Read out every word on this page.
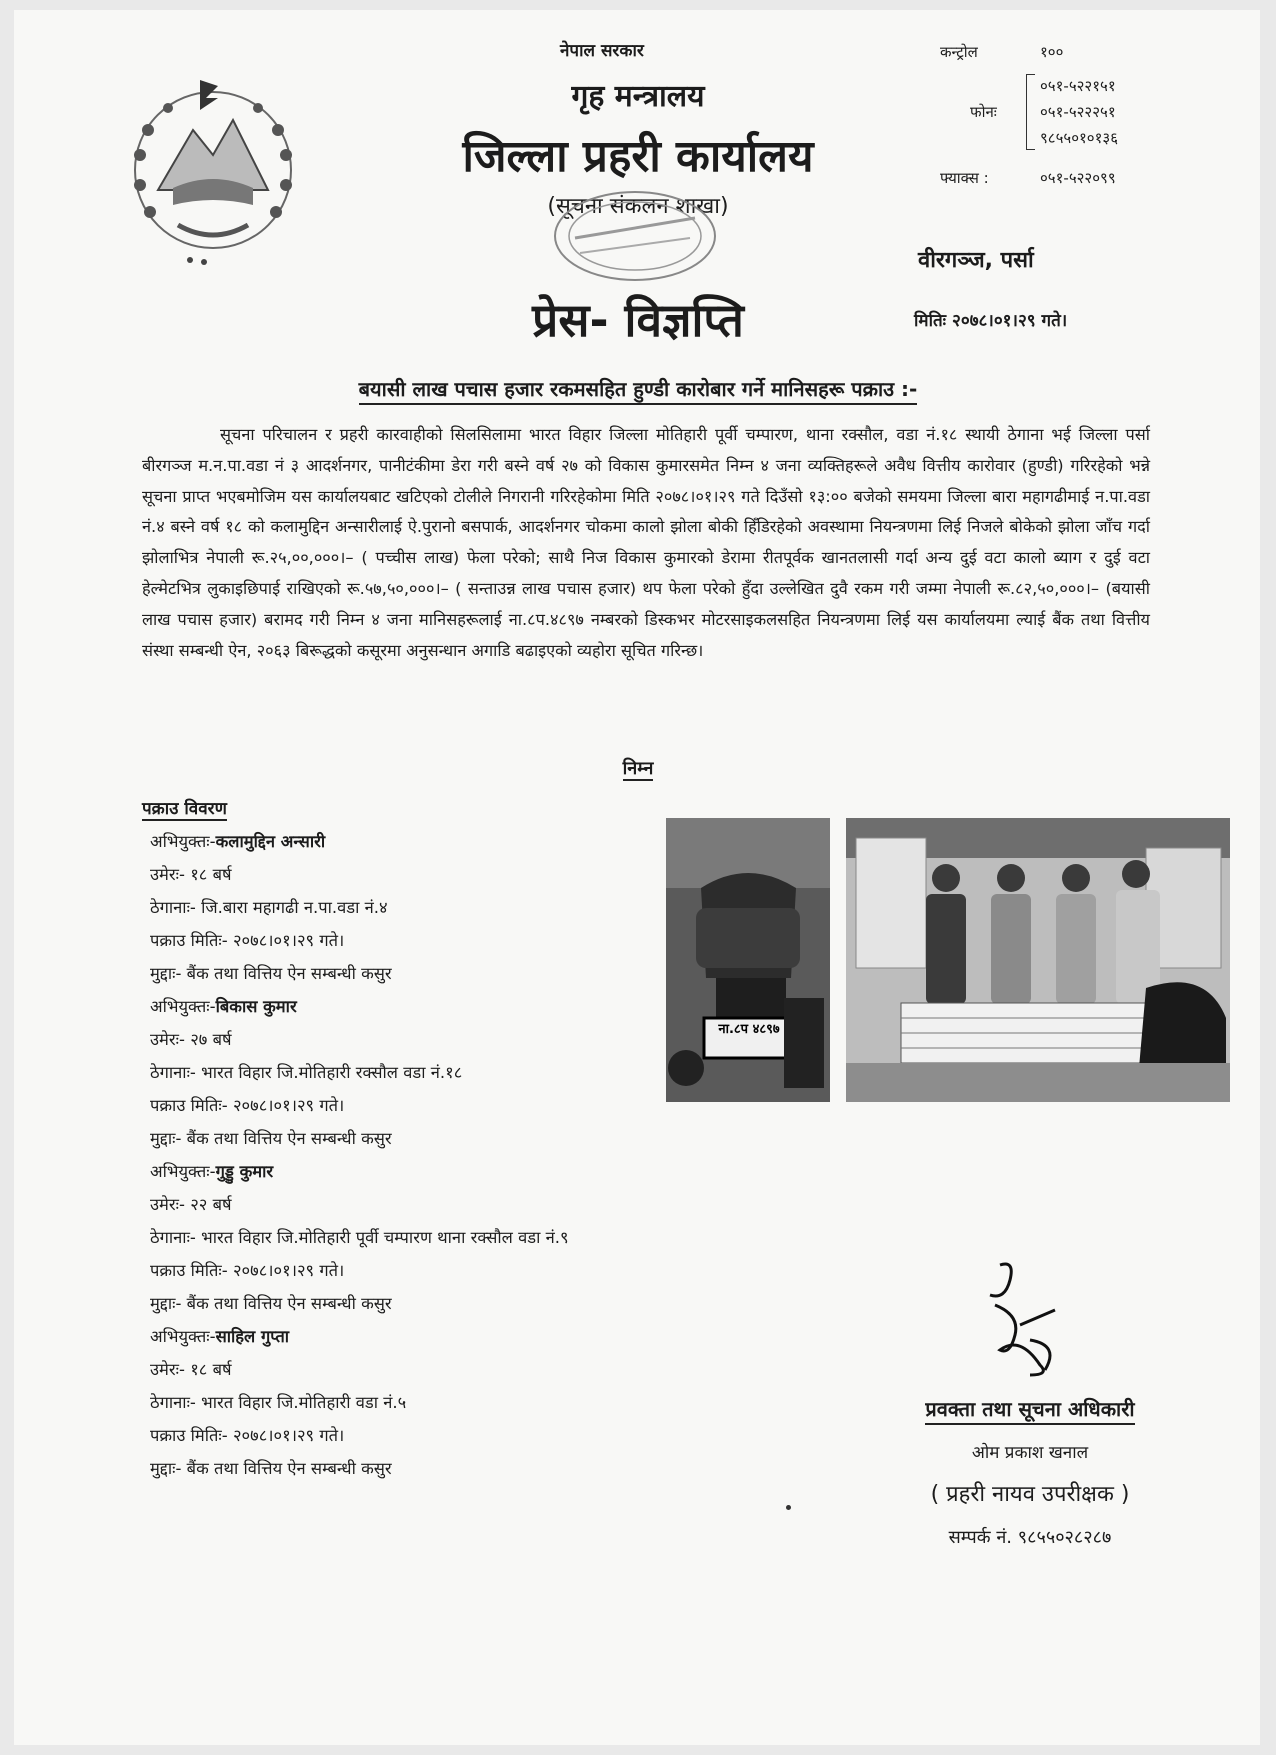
नेपाल सरकार
गृह मन्त्रालय
जिल्ला प्रहरी कार्यालय
(सूचना संकलन शाखा)
प्रेस- विज्ञप्ति
कन्ट्रोल	१००
फोनः
०५१-५२२१५१
०५१-५२२२५१
९८५५०१०१३६
फ्याक्स :	०५१-५२२०९९
वीरगञ्ज, पर्सा
मितिः २०७८।०१।२९ गते।
बयासी लाख पचास हजार रकमसहित हुण्डी कारोबार गर्ने मानिसहरू पक्राउ :-
सूचना परिचालन र प्रहरी कारवाहीको सिलसिलामा भारत विहार जिल्ला मोतिहारी पूर्वी चम्पारण, थाना रक्सौल, वडा नं.१८ स्थायी ठेगाना भई जिल्ला पर्सा बीरगञ्ज म.न.पा.वडा नं ३ आदर्शनगर, पानीटंकीमा डेरा गरी बस्ने वर्ष २७ को विकास कुमारसमेत निम्न ४ जना व्यक्तिहरूले अवैध वित्तीय कारोवार (हुण्डी) गरिरहेको भन्ने सूचना प्राप्त भएबमोजिम यस कार्यालयबाट खटिएको टोलीले निगरानी गरिरहेकोमा मिति २०७८।०१।२९ गते दिउँसो १३:०० बजेको समयमा जिल्ला बारा महागढीमाई न.पा.वडा नं.४ बस्ने वर्ष १८ को कलामुद्दिन अन्सारीलाई ऐ.पुरानो बसपार्क, आदर्शनगर चोकमा कालो झोला बोकी हिँडिरहेको अवस्थामा नियन्त्रणमा लिई निजले बोकेको झोला जाँच गर्दा झोलाभित्र नेपाली रू.२५,००,०००।– ( पच्चीस लाख) फेला परेको; साथै निज विकास कुमारको डेरामा रीतपूर्वक खानतलासी गर्दा अन्य दुई वटा कालो ब्याग र दुई वटा हेल्मेटभित्र लुकाइछिपाई राखिएको रू.५७,५०,०००।– ( सन्ताउन्न लाख पचास हजार) थप फेला परेको हुँदा उल्लेखित दुवै रकम गरी जम्मा नेपाली रू.८२,५०,०००।– (बयासी लाख पचास हजार) बरामद गरी निम्न ४ जना मानिसहरूलाई ना.८प.४८९७ नम्बरको डिस्कभर मोटरसाइकलसहित नियन्त्रणमा लिई यस कार्यालयमा ल्याई बैंक तथा वित्तीय संस्था सम्बन्धी ऐन, २०६३ बिरूद्धको कसूरमा अनुसन्धान अगाडि बढाइएको व्यहोरा सूचित गरिन्छ।
निम्न
पक्राउ विवरण
अभियुक्तः-कलामुद्दिन अन्सारी
उमेरः- १८ बर्ष
ठेगानाः- जि.बारा महागढी न.पा.वडा नं.४
पक्राउ मितिः- २०७८।०१।२९ गते।
मुद्दाः- बैंक तथा वित्तिय ऐन सम्बन्धी कसुर
अभियुक्तः-बिकास कुमार
उमेरः- २७ बर्ष
ठेगानाः- भारत विहार जि.मोतिहारी रक्सौल वडा नं.१८
पक्राउ मितिः- २०७८।०१।२९ गते।
मुद्दाः- बैंक तथा वित्तिय ऐन सम्बन्धी कसुर
अभियुक्तः-गुड्डु कुमार
उमेरः- २२ बर्ष
ठेगानाः- भारत विहार जि.मोतिहारी पूर्वी चम्पारण थाना रक्सौल वडा नं.९
पक्राउ मितिः- २०७८।०१।२९ गते।
मुद्दाः- बैंक तथा वित्तिय ऐन सम्बन्धी कसुर
अभियुक्तः-साहिल गुप्ता
उमेरः- १८ बर्ष
ठेगानाः- भारत विहार जि.मोतिहारी वडा नं.५
पक्राउ मितिः- २०७८।०१।२९ गते।
मुद्दाः- बैंक तथा वित्तिय ऐन सम्बन्धी कसुर
ना.८प ४८९७
प्रवक्ता तथा सूचना अधिकारी
ओम प्रकाश खनाल
( प्रहरी नायव उपरीक्षक )
सम्पर्क नं. ९८५५०२८२८७
